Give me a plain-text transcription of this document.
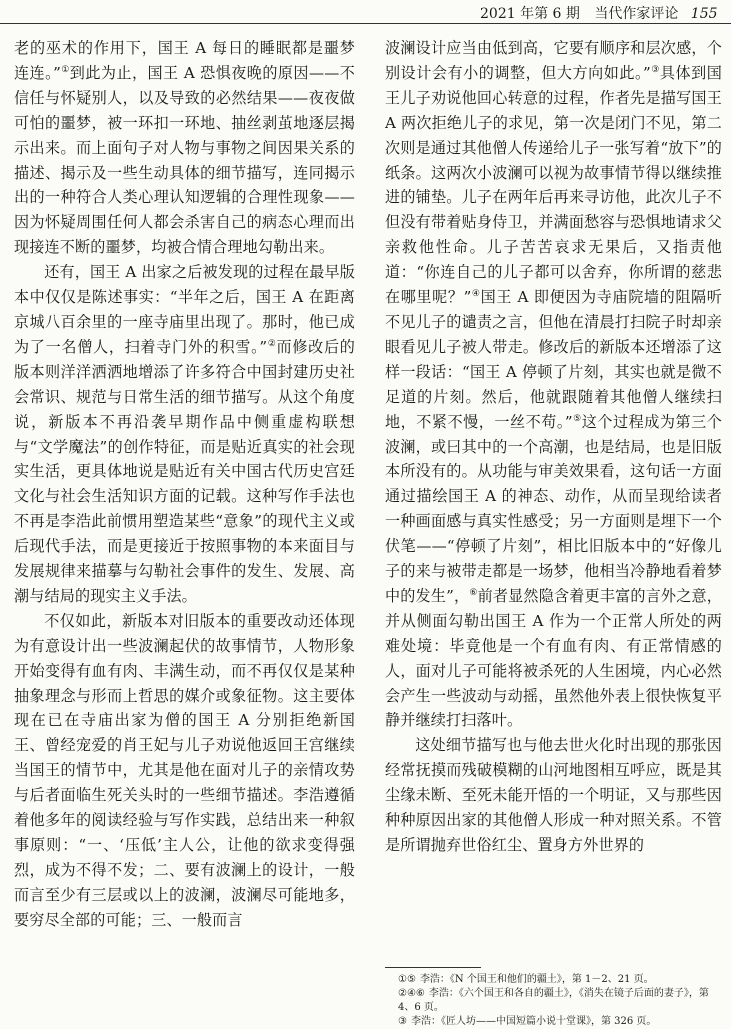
2021 年第 6 期 当代作家评论 155

老的巫术的作用下，国王 A 每日的睡眠都是噩梦连连。”①到此为止，国王 A 恐惧夜晚的原因——不信任与怀疑别人，以及导致的必然结果——夜夜做可怕的噩梦，被一环扣一环地、抽丝剥茧地逐层揭示出来。而上面句子对人物与事物之间因果关系的描述、揭示及一些生动具体的细节描写，连同揭示出的一种符合人类心理认知逻辑的合理性现象——因为怀疑周围任何人都会杀害自己的病态心理而出现接连不断的噩梦，均被合情合理地勾勒出来。

还有，国王 A 出家之后被发现的过程在最早版本中仅仅是陈述事实：“半年之后，国王 A 在距离京城八百余里的一座寺庙里出现了。那时，他已成为了一名僧人，扫着寺门外的积雪。”②而修改后的版本则洋洋洒洒地增添了许多符合中国封建历史社会常识、规范与日常生活的细节描写。从这个角度说，新版本不再沿袭早期作品中侧重虚构联想与“文学魔法”的创作特征，而是贴近真实的社会现实生活，更具体地说是贴近有关中国古代历史宫廷文化与社会生活知识方面的记载。这种写作手法也不再是李浩此前惯用塑造某些“意象”的现代主义或后现代手法，而是更接近于按照事物的本来面目与发展规律来描摹与勾勒社会事件的发生、发展、高潮与结局的现实主义手法。

不仅如此，新版本对旧版本的重要改动还体现为有意设计出一些波澜起伏的故事情节，人物形象开始变得有血有肉、丰满生动，而不再仅仅是某种抽象理念与形而上哲思的媒介或象征物。这主要体现在已在寺庙出家为僧的国王 A 分别拒绝新国王、曾经宠爱的肖王妃与儿子劝说他返回王宫继续当国王的情节中，尤其是他在面对儿子的亲情攻势与后者面临生死关头时的一些细节描述。李浩遵循着他多年的阅读经验与写作实践，总结出来一种叙事原则：“一、‘压低’主人公，让他的欲求变得强烈，成为不得不发；二、要有波澜上的设计，一般而言至少有三层或以上的波澜，波澜尽可能地多，要穷尽全部的可能；三、一般而言

波澜设计应当由低到高，它要有顺序和层次感，个别设计会有小的调整，但大方向如此。”③具体到国王儿子劝说他回心转意的过程，作者先是描写国王 A 两次拒绝儿子的求见，第一次是闭门不见，第二次则是通过其他僧人传递给儿子一张写着“放下”的纸条。这两次小波澜可以视为故事情节得以继续推进的铺垫。儿子在两年后再来寻访他，此次儿子不但没有带着贴身侍卫，并满面愁容与恐惧地请求父亲救他性命。儿子苦苦哀求无果后，又指责他道：“你连自己的儿子都可以舍弃，你所谓的慈悲在哪里呢？”④国王 A 即便因为寺庙院墙的阻隔听不见儿子的谴责之言，但他在清晨打扫院子时却亲眼看见儿子被人带走。修改后的新版本还增添了这样一段话：“国王 A 停顿了片刻，其实也就是微不足道的片刻。然后，他就跟随着其他僧人继续扫地，不紧不慢，一丝不苟。”⑤这个过程成为第三个波澜，或曰其中的一个高潮，也是结局，也是旧版本所没有的。从功能与审美效果看，这句话一方面通过描绘国王 A 的神态、动作，从而呈现给读者一种画面感与真实性感受；另一方面则是埋下一个伏笔——“停顿了片刻”，相比旧版本中的“好像儿子的来与被带走都是一场梦，他相当冷静地看着梦中的发生”，⑥前者显然隐含着更丰富的言外之意，并从侧面勾勒出国王 A 作为一个正常人所处的两难处境：毕竟他是一个有血有肉、有正常情感的人，面对儿子可能将被杀死的人生困境，内心必然会产生一些波动与动摇，虽然他外表上很快恢复平静并继续打扫落叶。

这处细节描写也与他去世火化时出现的那张因经常抚摸而残破模糊的山河地图相互呼应，既是其尘缘未断、至死未能开悟的一个明证，又与那些因种种原因出家的其他僧人形成一种对照关系。不管是所谓抛弃世俗红尘、置身方外世界的

①⑤ 李浩：《N 个国王和他们的疆土》，第 1－2、21 页。

②④⑥ 李浩：《六个国王和各自的疆土》，《消失在镜子后面的妻子》，第 4、6 页。

③ 李浩：《匠人坊——中国短篇小说十堂课》，第 326 页。
